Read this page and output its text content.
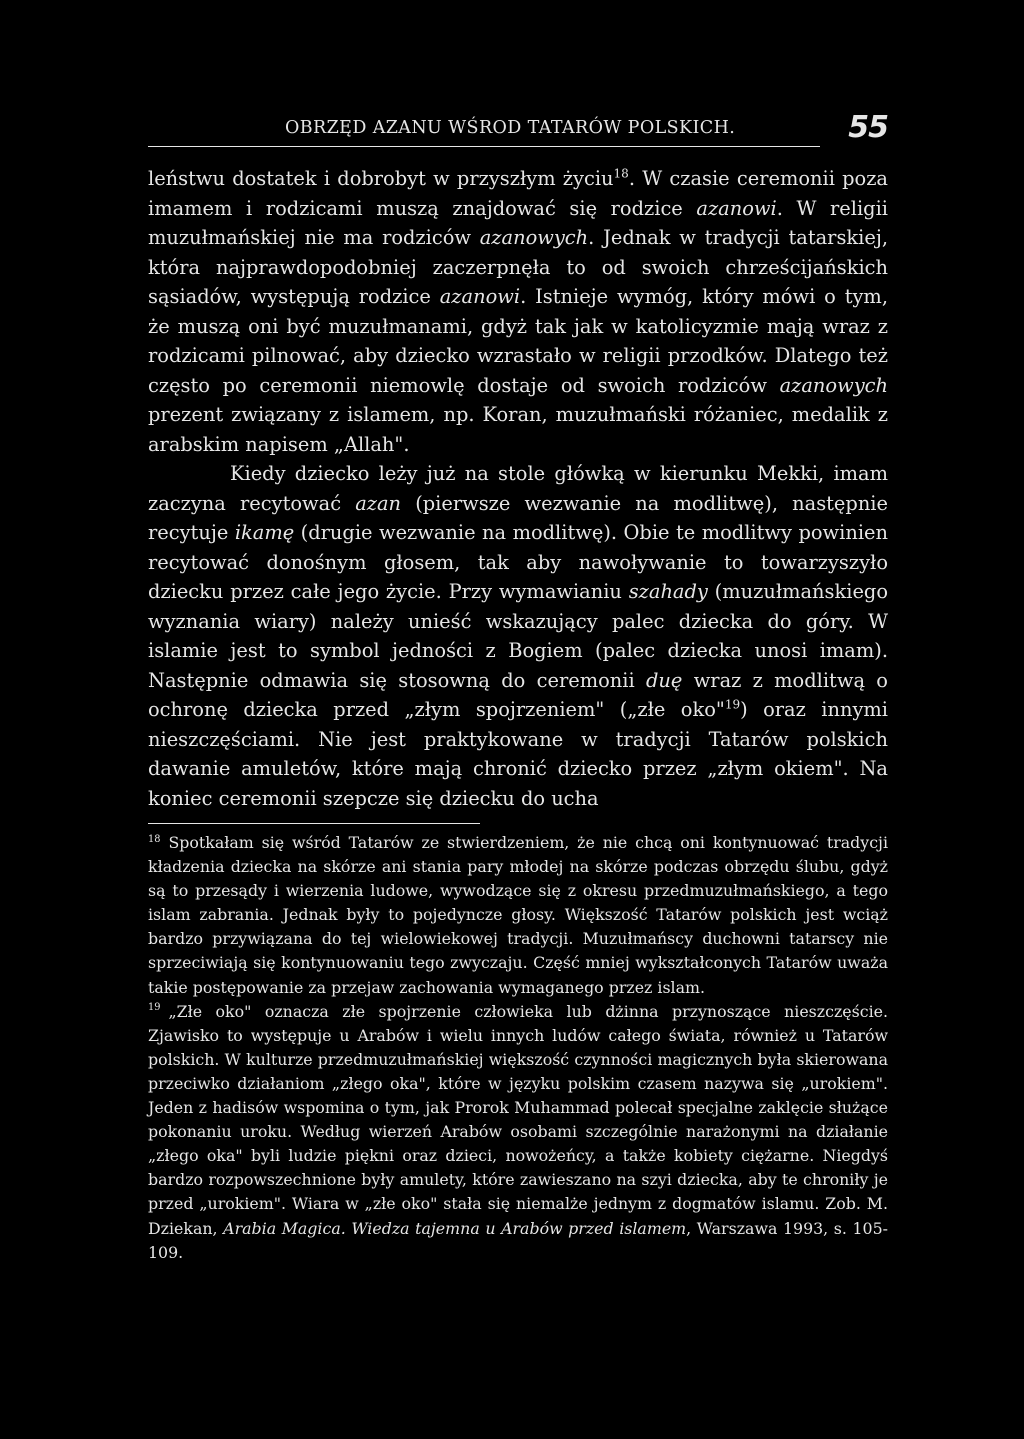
OBRZĘD AZANU WŚROD TATARÓW POLSKICH.	55

leństwu dostatek i dobrobyt w przyszłym życiu$^{18}$. W czasie ceremonii poza imamem i rodzicami muszą znajdować się rodzice azanowi. W religii muzułmańskiej nie ma rodziców azanowych. Jednak w tradycji tatarskiej, która najprawdopodobniej zaczerpnęła to od swoich chrześcijańskich sąsiadów, występują rodzice azanowi. Istnieje wymóg, który mówi o tym, że muszą oni być muzułmanami, gdyż tak jak w katolicyzmie mają wraz z rodzicami pilnować, aby dziecko wzrastało w religii przodków. Dlatego też często po ceremonii niemowlę dostaje od swoich rodziców azanowych prezent związany z islamem, np. Koran, muzułmański różaniec, medalik z arabskim napisem „Allah".

Kiedy dziecko leży już na stole główką w kierunku Mekki, imam zaczyna recytować azan (pierwsze wezwanie na modlitwę), następnie recytuje ikamę (drugie wezwanie na modlitwę). Obie te modlitwy powinien recytować donośnym głosem, tak aby nawoływanie to towarzyszyło dziecku przez całe jego życie. Przy wymawianiu szahady (muzułmańskiego wyznania wiary) należy unieść wskazujący palec dziecka do góry. W islamie jest to symbol jedności z Bogiem (palec dziecka unosi imam). Następnie odmawia się stosowną do ceremonii duę wraz z modlitwą o ochronę dziecka przed „złym spojrzeniem" („złe oko"$^{19}$) oraz innymi nieszczęściami. Nie jest praktykowane w tradycji Tatarów polskich dawanie amuletów, które mają chronić dziecko przez „złym okiem". Na koniec ceremonii szepcze się dziecku do ucha

$^{18}$ Spotkałam się wśród Tatarów ze stwierdzeniem, że nie chcą oni kontynuować tradycji kładzenia dziecka na skórze ani stania pary młodej na skórze podczas obrzędu ślubu, gdyż są to przesądy i wierzenia ludowe, wywodzące się z okresu przedmuzułmańskiego, a tego islam zabrania. Jednak były to pojedyncze głosy. Większość Tatarów polskich jest wciąż bardzo przywiązana do tej wielowiekowej tradycji. Muzułmańscy duchowni tatarscy nie sprzeciwiają się kontynuowaniu tego zwyczaju. Część mniej wykształconych Tatarów uważa takie postępowanie za przejaw zachowania wymaganego przez islam.

$^{19}$ „Złe oko" oznacza złe spojrzenie człowieka lub dżinna przynoszące nieszczęście. Zjawisko to występuje u Arabów i wielu innych ludów całego świata, również u Tatarów polskich. W kulturze przedmuzułmańskiej większość czynności magicznych była skierowana przeciwko działaniom „złego oka", które w języku polskim czasem nazywa się „urokiem". Jeden z hadisów wspomina o tym, jak Prorok Muhammad polecał specjalne zaklęcie służące pokonaniu uroku. Według wierzeń Arabów osobami szczególnie narażonymi na działanie „złego oka" byli ludzie piękni oraz dzieci, nowożeńcy, a także kobiety ciężarne. Niegdyś bardzo rozpowszechnione były amulety, które zawieszano na szyi dziecka, aby te chroniły je przed „urokiem". Wiara w „złe oko" stała się niemalże jednym z dogmatów islamu. Zob. M. Dziekan, Arabia Magica. Wiedza tajemna u Arabów przed islamem, Warszawa 1993, s. 105-109.
